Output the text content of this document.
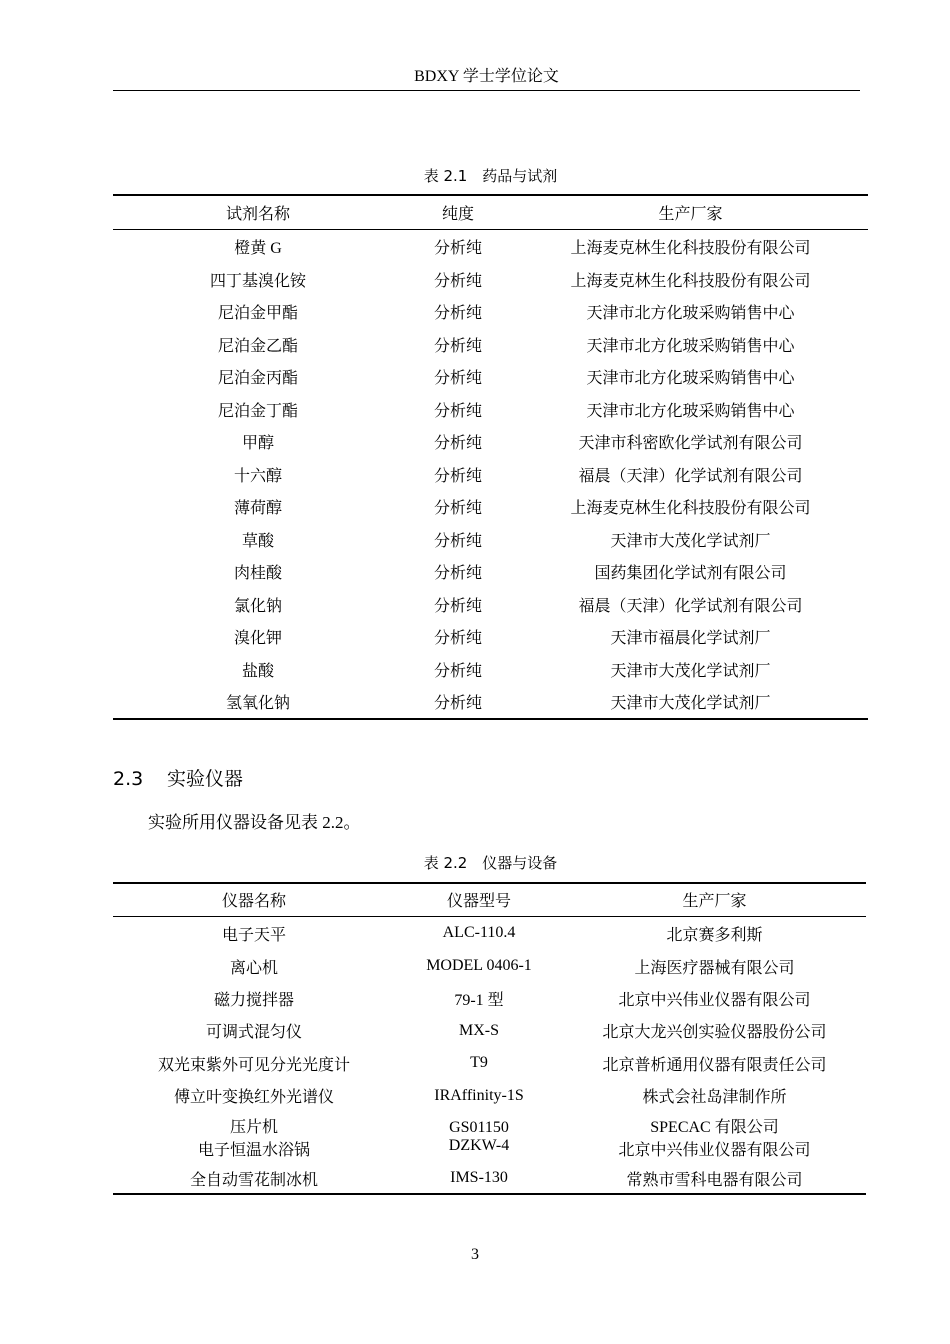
BDXY 学士学位论文
表 2.1　药品与试剂
试剂名称	纯度	生产厂家
橙黄 G	分析纯	上海麦克林生化科技股份有限公司
四丁基溴化铵	分析纯	上海麦克林生化科技股份有限公司
尼泊金甲酯	分析纯	天津市北方化玻采购销售中心
尼泊金乙酯	分析纯	天津市北方化玻采购销售中心
尼泊金丙酯	分析纯	天津市北方化玻采购销售中心
尼泊金丁酯	分析纯	天津市北方化玻采购销售中心
甲醇	分析纯	天津市科密欧化学试剂有限公司
十六醇	分析纯	福晨（天津）化学试剂有限公司
薄荷醇	分析纯	上海麦克林生化科技股份有限公司
草酸	分析纯	天津市大茂化学试剂厂
肉桂酸	分析纯	国药集团化学试剂有限公司
氯化钠	分析纯	福晨（天津）化学试剂有限公司
溴化钾	分析纯	天津市福晨化学试剂厂
盐酸	分析纯	天津市大茂化学试剂厂
氢氧化钠	分析纯	天津市大茂化学试剂厂
2.3 实验仪器
实验所用仪器设备见表 2.2。
表 2.2　仪器与设备
仪器名称	仪器型号	生产厂家
电子天平	ALC-110.4	北京赛多利斯
离心机	MODEL 0406-1	上海医疗器械有限公司
磁力搅拌器	79-1 型	北京中兴伟业仪器有限公司
可调式混匀仪	MX-S	北京大龙兴创实验仪器股份公司
双光束紫外可见分光光度计	T9	北京普析通用仪器有限责任公司
傅立叶变换红外光谱仪	IRAffinity-1S	株式会社岛津制作所
压片机	GS01150	SPECAC 有限公司
电子恒温水浴锅	DZKW-4	北京中兴伟业仪器有限公司
全自动雪花制冰机	IMS-130	常熟市雪科电器有限公司
3
